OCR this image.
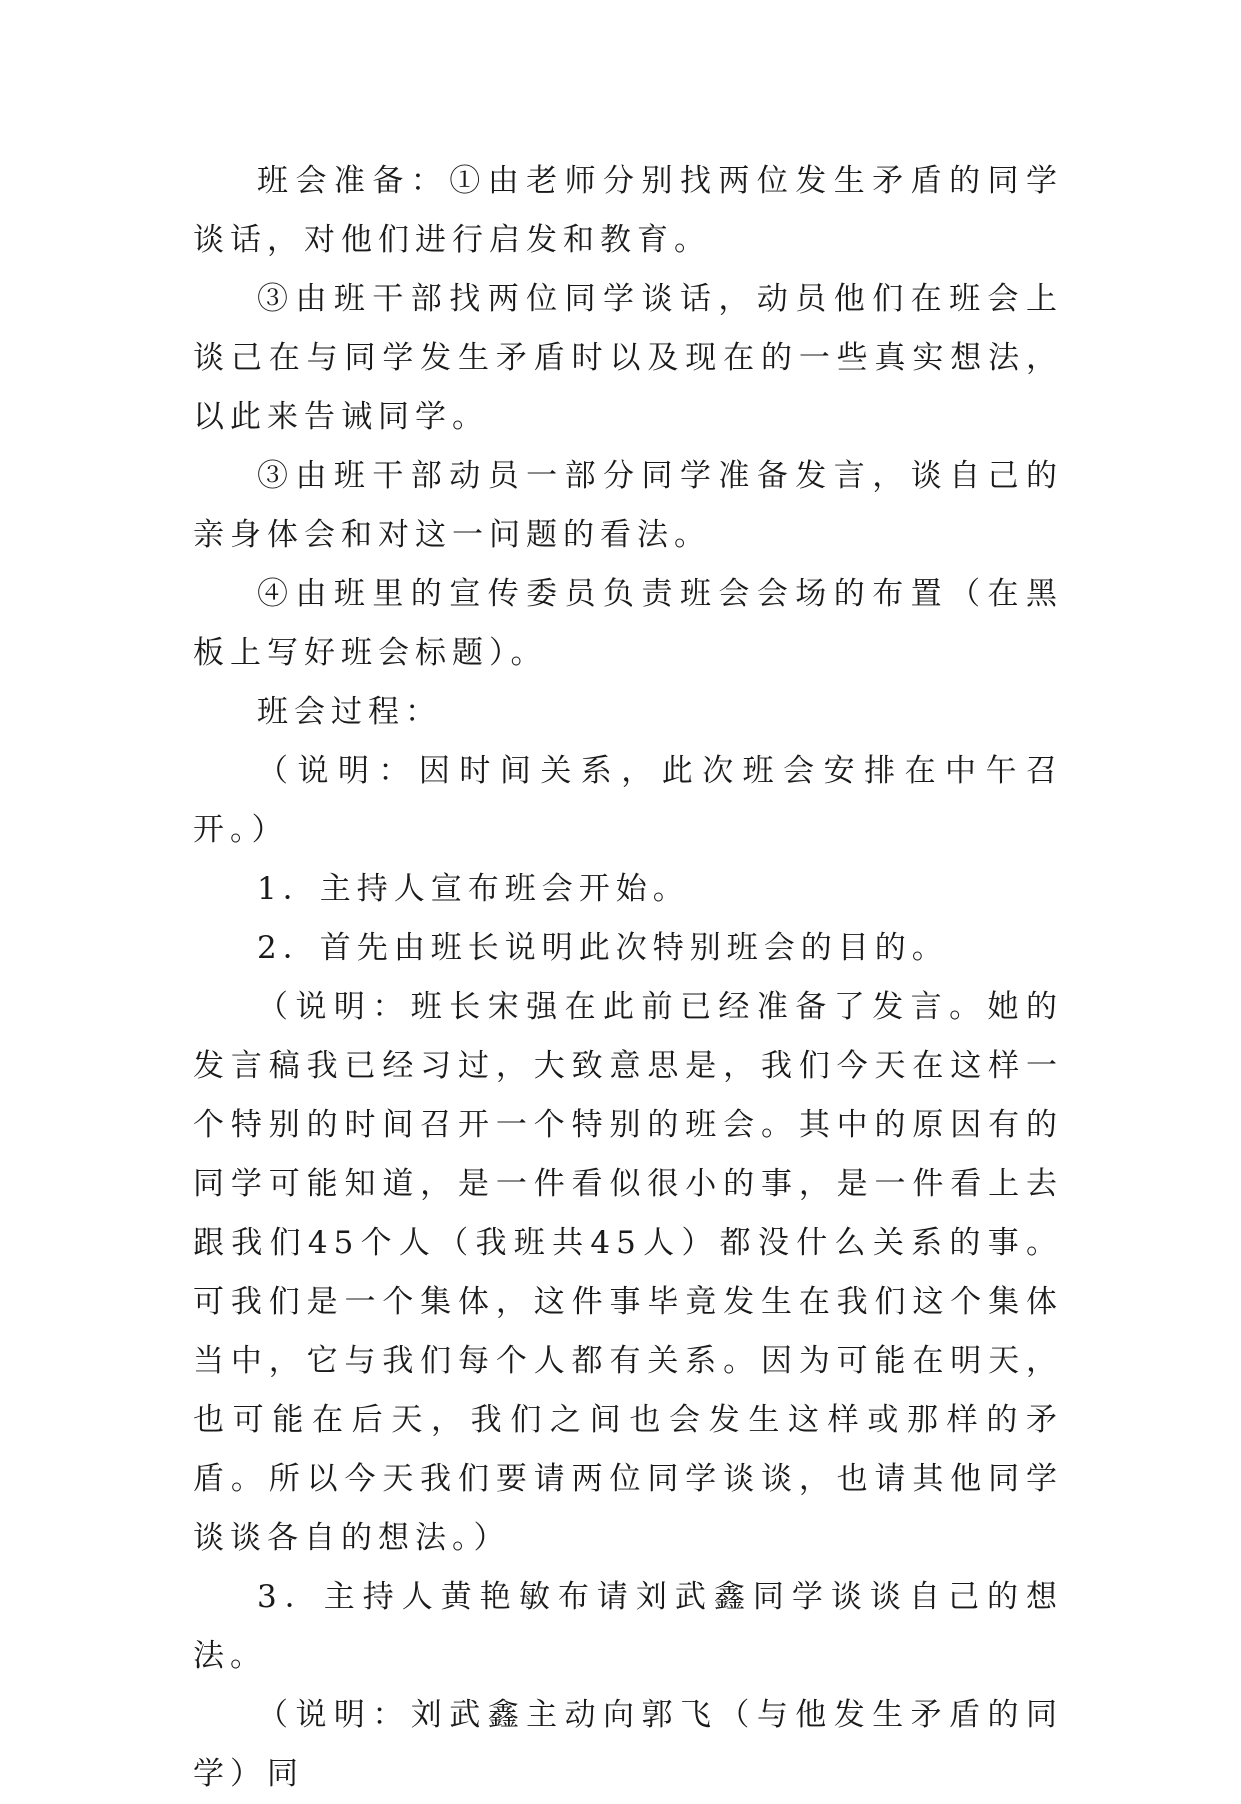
班会准备：①由老师分别找两位发生矛盾的同学谈话，对他们进行启发和教育。

③由班干部找两位同学谈话，动员他们在班会上谈己在与同学发生矛盾时以及现在的一些真实想法，以此来告诫同学。

③由班干部动员一部分同学准备发言，谈自己的亲身体会和对这一问题的看法。

④由班里的宣传委员负责班会会场的布置（在黑板上写好班会标题）。

班会过程：

（说明：因时间关系，此次班会安排在中午召开。）

1．主持人宣布班会开始。

2．首先由班长说明此次特别班会的目的。

（说明：班长宋强在此前已经准备了发言。她的发言稿我已经习过，大致意思是，我们今天在这样一个特别的时间召开一个特别的班会。其中的原因有的同学可能知道，是一件看似很小的事，是一件看上去跟我们45个人（我班共45人）都没什么关系的事。可我们是一个集体，这件事毕竟发生在我们这个集体当中，它与我们每个人都有关系。因为可能在明天，也可能在后天，我们之间也会发生这样或那样的矛盾。所以今天我们要请两位同学谈谈，也请其他同学谈谈各自的想法。）

3．主持人黄艳敏布请刘武鑫同学谈谈自己的想法。

（说明：刘武鑫主动向郭飞（与他发生矛盾的同学）同
